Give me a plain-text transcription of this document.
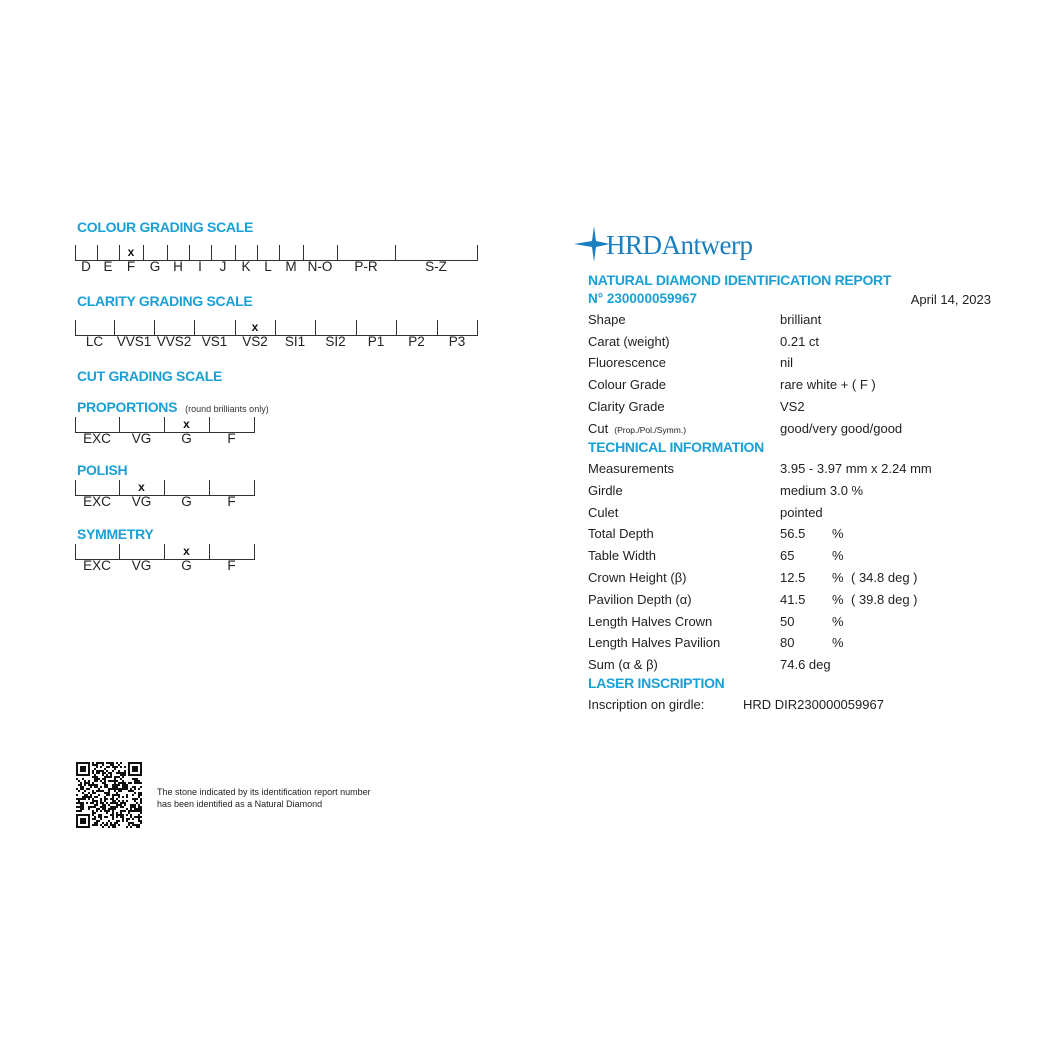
COLOUR GRADING SCALE
D E F
x
G H I J K L M N-O P-R	S-Z
CLARITY GRADING SCALE
LC VVS1 VVS2 VS1 VS2
x
SI1 SI2 P1 P2 P3
CUT GRADING SCALE
PROPORTIONS (round brilliants only)
EXC VG G
x
F
POLISH
EXC VG
x
G	F
SYMMETRY
EXC VG G
x
F
The stone indicated by its identification report number has been identified as a Natural Diamond
HRDAntwerp
NATURAL DIAMOND IDENTIFICATION REPORT
N° 230000059967	April 14, 2023
Shape	brilliant
Carat (weight)	0.21 ct
Fluorescence	nil
Colour Grade	rare white + ( F )
Clarity Grade	VS2
Cut (Prop./Pol./Symm.)	good/very good/good
TECHNICAL INFORMATION
Measurements	3.95 - 3.97 mm x 2.24 mm
Girdle	medium 3.0 %
Culet	pointed
Total Depth	56.5 %
Table Width	65	%
Crown Height (β)	12.5 % ( 34.8 deg )
Pavilion Depth (α)	41.5 % ( 39.8 deg )
Length Halves Crown	50	%
Length Halves Pavilion	80	%
Sum (α & β)	74.6 deg
LASER INSCRIPTION
Inscription on girdle:	HRD DIR230000059967
